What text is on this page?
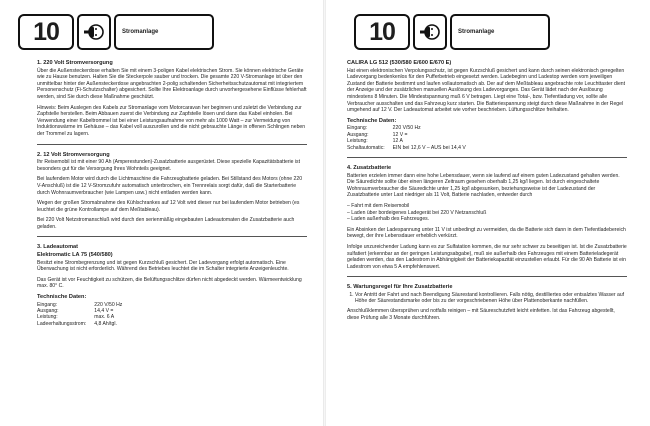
10	Stromanlage
1. 220 Volt Stromversorgung

Über die Außensteckerdose erhalten Sie mit einem 3-poligen Kabel elektrischen Strom. Sie können elektrische Geräte wie zu Hause benutzen. Halten Sie die Steckerpole sauber und trocken. Die gesamte 220 V-Stromanlage ist über den unmittelbar hinter der Außensteckerdose angebrachten 2-polig schaltenden Sicherheitsschutzautomat mit integriertem Personenschutz (Fi-Schutzschalter) abgesichert. Sollte Ihre Elektroanlage durch unvorhergesehene Einflüsse fehlerhaft werden, sind Sie durch diese Maßnahme geschützt.

Hinweis: Beim Auslegen des Kabels zur Stromanlage vom Motorcaravan her beginnen und zuletzt die Verbindung zur Zapfstelle herstellen. Beim Abbauen zuerst die Verbindung zur Zapfstelle lösen und dann das Kabel einholen. Bei Verwendung einer Kabeltrommel ist bei einer Leistungsaufnahme von mehr als 1000 Watt – zur Vermeidung von Induktionswärme im Gehäuse – das Kabel voll auszurollen und die nicht gebrauchte Länge in offenen Schlingen neben der Trommel zu lagern.

2. 12 Volt Stromversorgung

Ihr Reisemobil ist mit einer 90 Ah (Amperestunden)-Zusatzbatterie ausgerüstet. Diese spezielle Kapazitätsbatterie ist besonders gut für die Versorgung Ihres Wohnteils geeignet.

Bei laufendem Motor wird durch die Lichtmaschine die Fahrzeugbatterie geladen. Bei Stillstand des Motors (ohne 220 V-Anschluß) ist die 12 V-Stromzufuhr automatisch unterbrochen, ein Trennrelais sorgt dafür, daß die Starterbatterie durch Wohnraumverbraucher (wie Lampen usw.) nicht entladen werden kann.

Wegen der großen Stromabnahme des Kühlschrankes auf 12 Volt wird dieser nur bei laufendem Motor betrieben (es leuchtet die grüne Kontrollampe auf dem Meßtableau).

Bei 220 Volt Netzstromanschluß wird durch den serienmäßig eingebauten Ladeautomaten die Zusatzbatterie auch geladen.

3. Ladeautomat
Elektromatic LA 75 (540/580)

Besitzt eine Strombegrenzung und ist gegen Kurzschluß gesichert. Der Ladevorgang erfolgt automatisch. Eine Überwachung ist nicht erforderlich. Während des Betriebes leuchtet die im Schalter integrierte Anzeigenleuchte.

Das Gerät ist vor Feuchtigkeit zu schützen, die Belüftungsschlitze dürfen nicht abgedeckt werden. Wärmeentwicklung max. 80° C.

Technische Daten:
Eingang:	220 V/50 Hz
Ausgang:	14,4 V =
Leistung:	max. 6 A
Ladeerhaltungsstrom:	4,8 Ah/tgl.
10	Stromanlage
CALIRA LG 512 (530/580 E/600 E/670 E)

Hat einen elektronischen Verpolungsschutz, ist gegen Kurzschluß gesichert und kann durch seinen elektronisch geregelten Ladevorgang bedenkenlos für den Pufferbetrieb eingesetzt werden. Ladebeginn und Ladestop werden vom jeweiligen Zustand der Batterie bestimmt und laufen vollautomatisch ab. Der auf dem Meßtableau angebrachte rote Leuchttaster dient der Anzeige und der zusätzlichen manuellen Auslösung des Ladevorganges. Das Gerät lädet nach der Auslösung mindestens 8 Minuten. Die Mindestspannung muß 6 V betragen. Liegt eine Total-, bzw. Tiefentladung vor, sollte alle Verbraucher ausschalten und das Fahrzeug kurz starten. Die Batteriespannung steigt durch diese Maßnahme in der Regel umgehend auf 12 V. Der Ladeautomat arbeitet wie vorher beschrieben. Lüftungsschlitze freihalten.

Technische Daten:
Eingang:	220 V/50 Hz
Ausgang:	12 V =
Leistung:	12 A
Schaltautomatic:	EIN bei 12,6 V – AUS bei 14,4 V
4. Zusatzbatterie

Batterien erzielen immer dann eine hohe Lebensdauer, wenn sie laufend auf einem guten Ladezustand gehalten werden. Die Säuredichte sollte über einen längeren Zeitraum gesehen oberhalb 1,25 kg/l liegen. Ist durch eingeschaltete Wohnraumverbraucher die Säuredichte unter 1,25 kg/l abgesunken, beziehungsweise ist der Ladezustand der Zusatzbatterie unter Last niedriger als 11 Volt, Batterie nachladen, entweder durch

– Fahrt mit dem Reisemobil
– Laden über bordeigenes Ladegerät bei 220 V Netzanschluß
– Laden außerhalb des Fahrzeuges.

Ein Absinken der Ladespannung unter 11 V ist unbedingt zu vermeiden, da die Batterie sich dann in dem Tiefentladebereich bewegt, der ihre Lebensdauer erheblich verkürzt.

Infolge unzureichender Ladung kann es zur Sulfatation kommen, die nur sehr schwer zu beseitigen ist. Ist die Zusatzbatterie sulfatiert (erkennbar an der geringen Leistungsabgabe), muß sie außerhalb des Fahrzeuges mit einem Batterieladegerät geladen werden, das den Ladestrom in Abhängigkeit der Batteriekapazität einzustellen erlaubt. Für die 90 Ah Batterie ist ein Ladestrom von etwa 5 A empfehlenswert.

5. Wartungsregel für Ihre Zusatzbatterie
1. Vor Antritt der Fahrt und nach Beendigung Säurestand kontrollieren. Falls nötig, destilliertes oder entsalztes Wasser auf Höhe der Säurestandsmarke oder bis zu der vorgeschriebenen Höhe über Plattenoberkante nachfüllen.

Anschlußklemmen übersprühen und notfalls reinigen – mit Säureschutzfett leicht einfetten. Ist das Fahrzeug abgestellt, diese Prüfung alle 3 Monate durchführen.
